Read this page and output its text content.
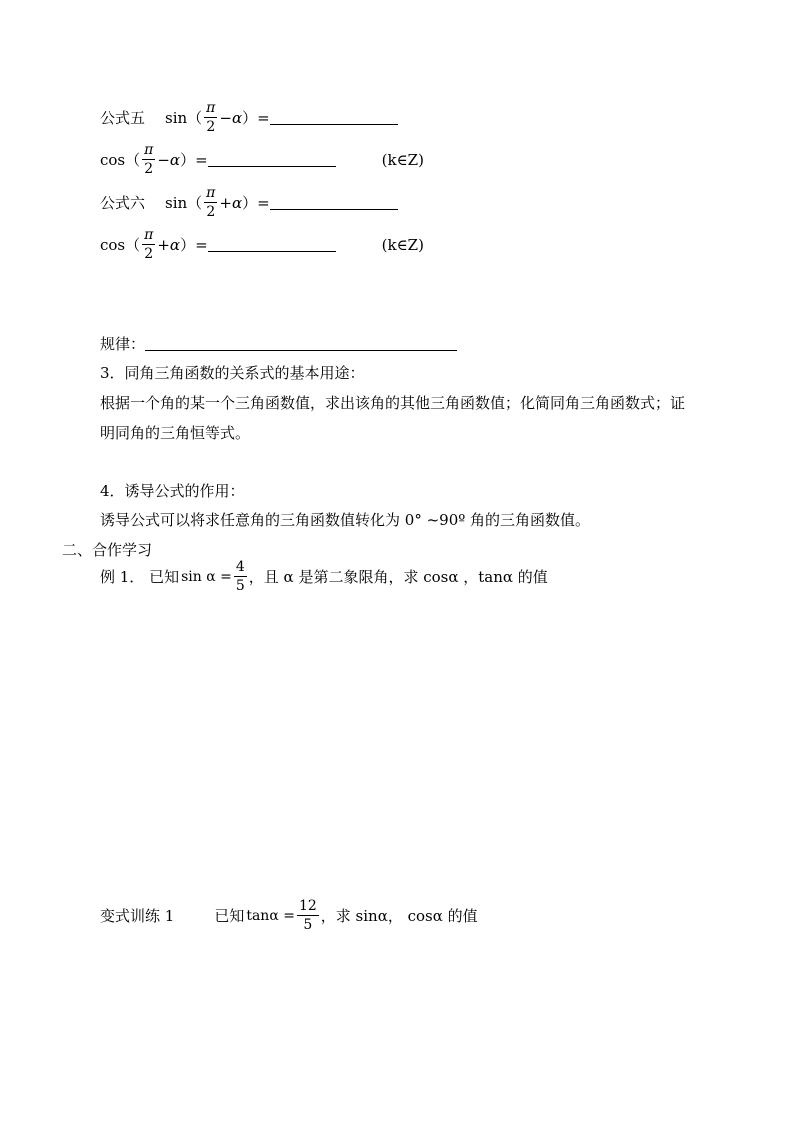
公式五 $\sin( \frac{\pi}{2} - \alpha$ ）=
$\cos( \frac{\pi}{2} - \alpha$ ）=	(k∈Z)
公式六 $\sin( \frac{\pi}{2} + \alpha$ ）=
$\cos( \frac{\pi}{2} + \alpha$ ）=	(k∈Z)
规律：
3．同角三角函数的关系式的基本用途：
根据一个角的某一个三角函数值，求出该角的其他三角函数值；化简同角三角函数式；证
明同角的三角恒等式。
4．诱导公式的作用：
诱导公式可以将求任意角的三角函数值转化为 0° ~90º 角的三角函数值。
二、合作学习
例 1． 已知 $\sin \alpha = \frac{4}{5}$ ，且 α 是第二象限角，求 cosα ，tanα 的值
变式训练 1	已知 $\tan\alpha = \frac{12}{5}$ ，求 sinα， cosα 的值
